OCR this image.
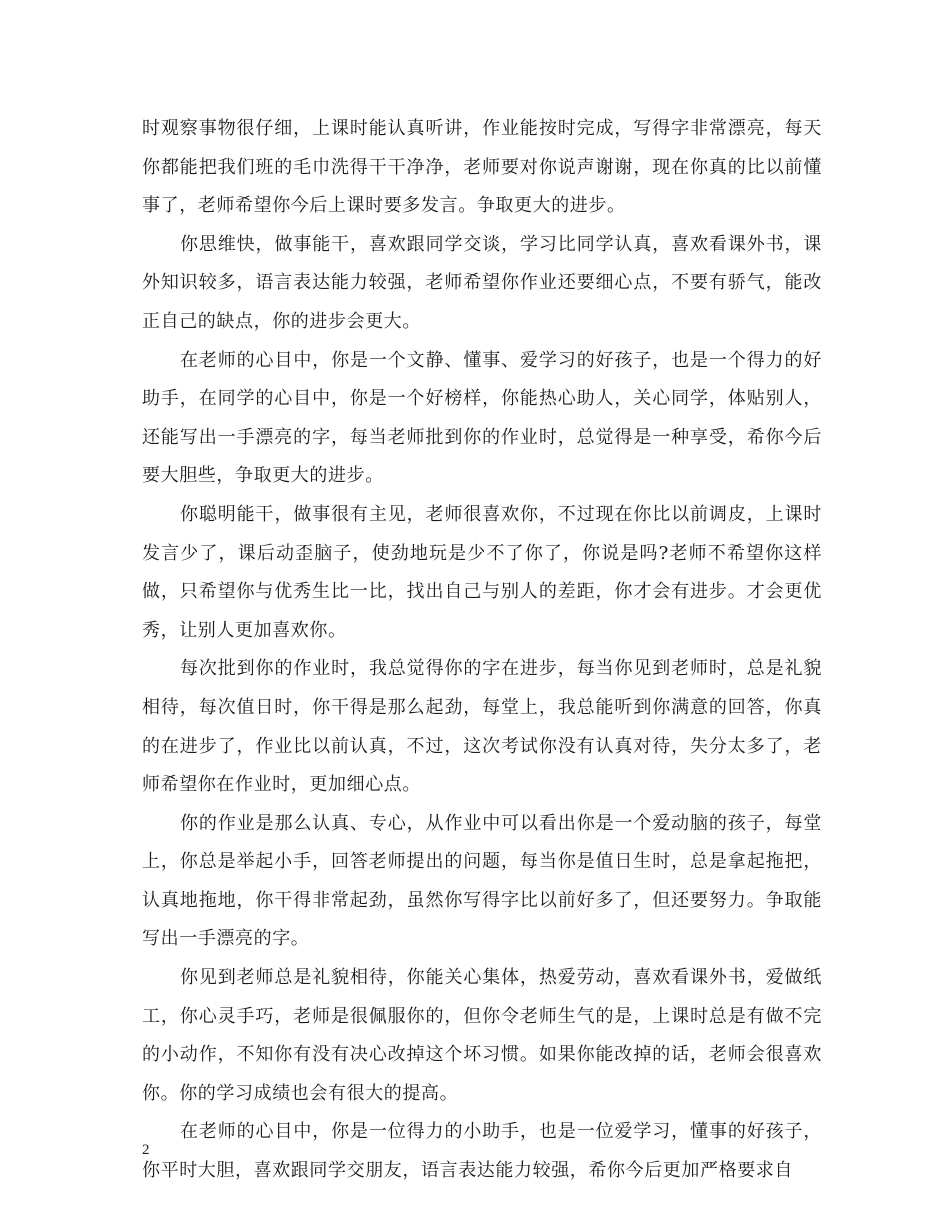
时观察事物很仔细，上课时能认真听讲，作业能按时完成，写得字非常漂亮，每天你都能把我们班的毛巾洗得干干净净，老师要对你说声谢谢，现在你真的比以前懂事了，老师希望你今后上课时要多发言。争取更大的进步。

你思维快，做事能干，喜欢跟同学交谈，学习比同学认真，喜欢看课外书，课外知识较多，语言表达能力较强，老师希望你作业还要细心点，不要有骄气，能改正自己的缺点，你的进步会更大。

在老师的心目中，你是一个文静、懂事、爱学习的好孩子，也是一个得力的好助手，在同学的心目中，你是一个好榜样，你能热心助人，关心同学，体贴别人，还能写出一手漂亮的字，每当老师批到你的作业时，总觉得是一种享受，希你今后要大胆些，争取更大的进步。

你聪明能干，做事很有主见，老师很喜欢你，不过现在你比以前调皮，上课时发言少了，课后动歪脑子，使劲地玩是少不了你了，你说是吗?老师不希望你这样做，只希望你与优秀生比一比，找出自己与别人的差距，你才会有进步。才会更优秀，让别人更加喜欢你。

每次批到你的作业时，我总觉得你的字在进步，每当你见到老师时，总是礼貌相待，每次值日时，你干得是那么起劲，每堂上，我总能听到你满意的回答，你真的在进步了，作业比以前认真，不过，这次考试你没有认真对待，失分太多了，老师希望你在作业时，更加细心点。

你的作业是那么认真、专心，从作业中可以看出你是一个爱动脑的孩子，每堂上，你总是举起小手，回答老师提出的问题，每当你是值日生时，总是拿起拖把，认真地拖地，你干得非常起劲，虽然你写得字比以前好多了，但还要努力。争取能写出一手漂亮的字。

你见到老师总是礼貌相待，你能关心集体，热爱劳动，喜欢看课外书，爱做纸工，你心灵手巧，老师是很佩服你的，但你令老师生气的是，上课时总是有做不完的小动作，不知你有没有决心改掉这个坏习惯。如果你能改掉的话，老师会很喜欢你。你的学习成绩也会有很大的提高。

在老师的心目中，你是一位得力的小助手，也是一位爱学习，懂事的好孩子，你平时大胆，喜欢跟同学交朋友，语言表达能力较强，希你今后更加严格要求自

2
